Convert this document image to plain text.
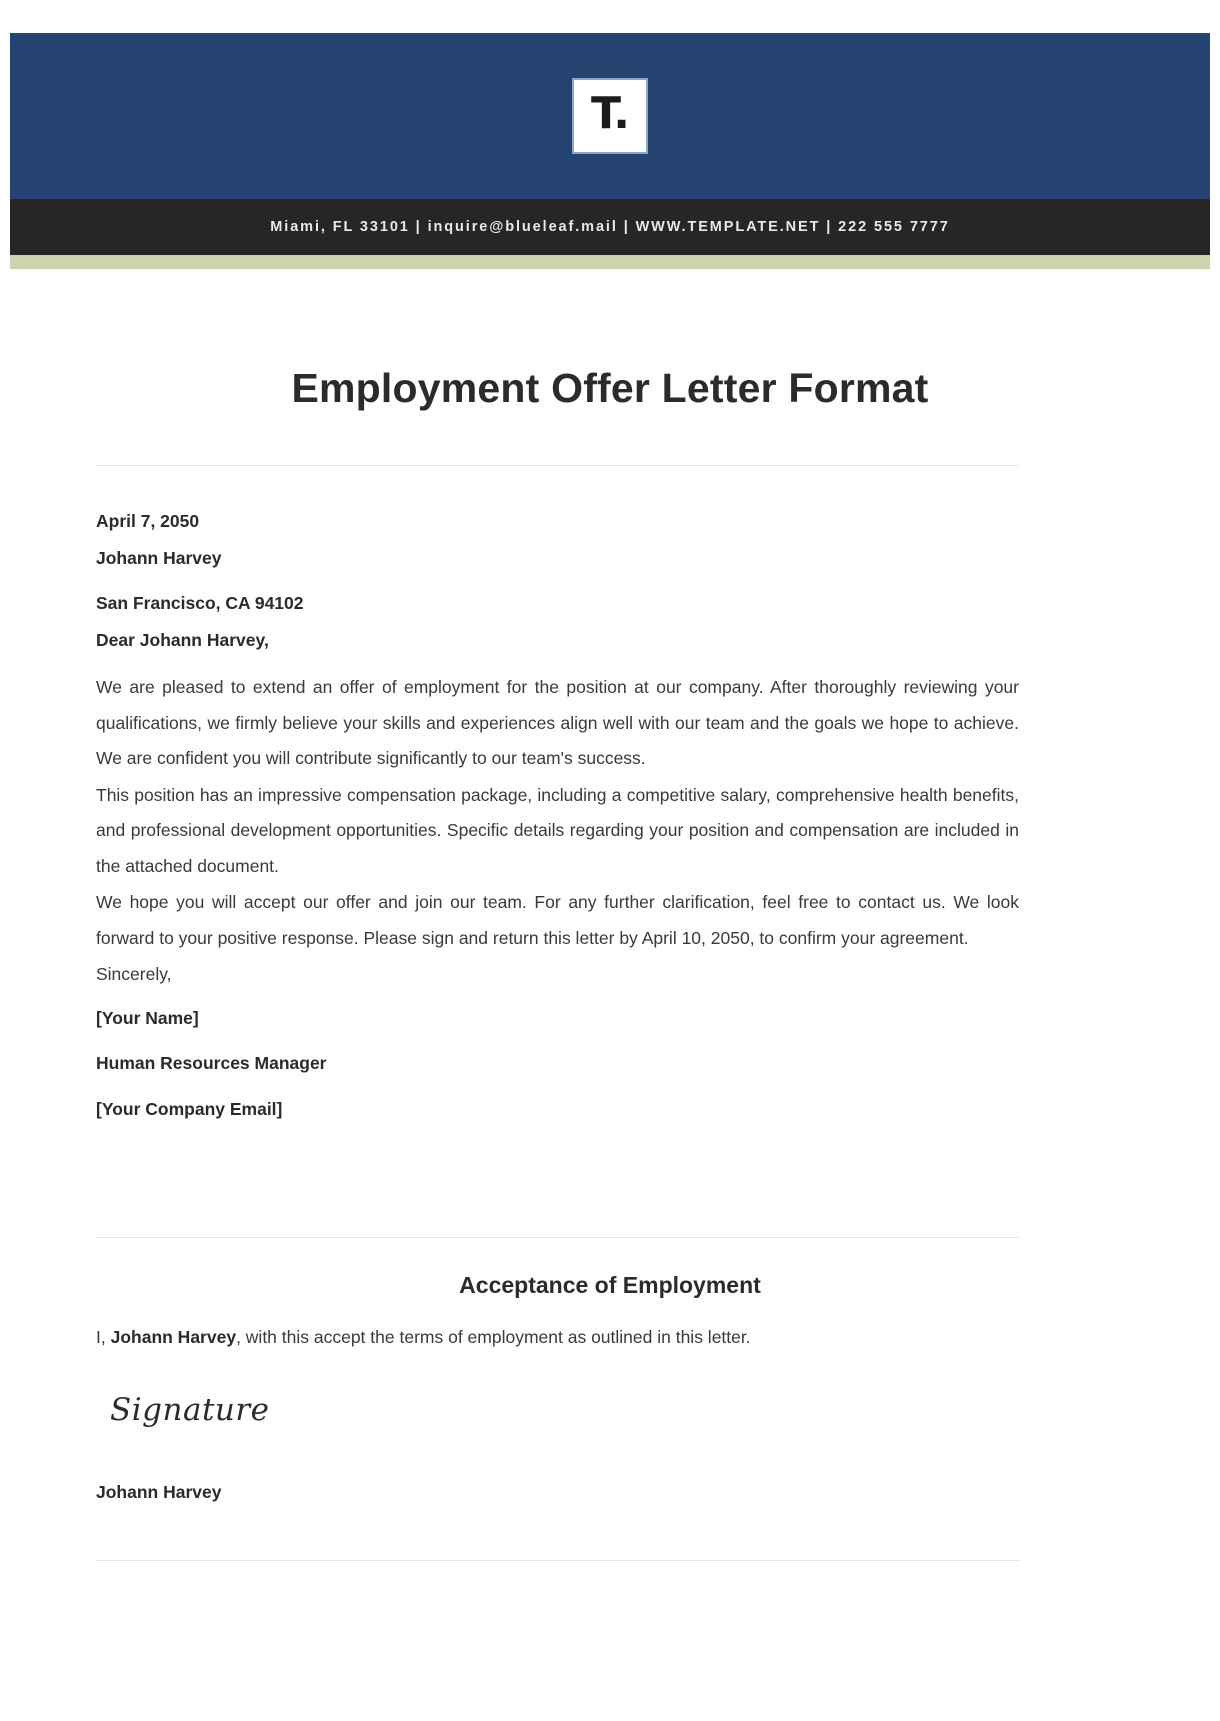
T.
Miami, FL 33101 | inquire@blueleaf.mail | WWW.TEMPLATE.NET | 222 555 7777
Employment Offer Letter Format
April 7, 2050
Johann Harvey
San Francisco, CA 94102
Dear Johann Harvey,

We are pleased to extend an offer of employment for the position at our company. After thoroughly reviewing your qualifications, we firmly believe your skills and experiences align well with our team and the goals we hope to achieve. We are confident you will contribute significantly to our team's success.

This position has an impressive compensation package, including a competitive salary, comprehensive health benefits, and professional development opportunities. Specific details regarding your position and compensation are included in the attached document.

We hope you will accept our offer and join our team. For any further clarification, feel free to contact us. We look forward to your positive response. Please sign and return this letter by April 10, 2050, to confirm your agreement.

Sincerely,

[Your Name]
Human Resources Manager
[Your Company Email]
Acceptance of Employment
I, Johann Harvey, with this accept the terms of employment as outlined in this letter.
Signature
Johann Harvey
